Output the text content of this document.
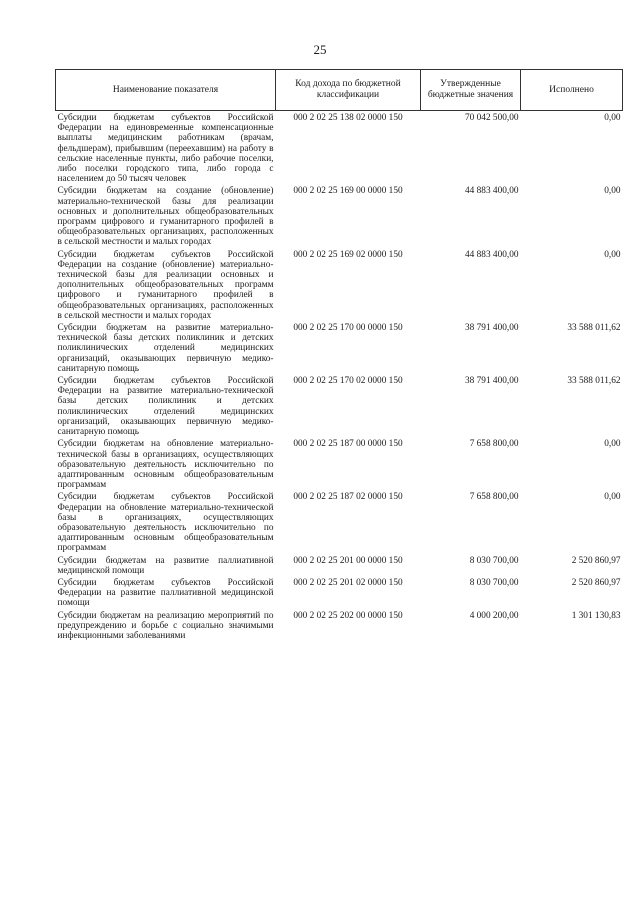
25
Наименование показателя	Код дохода по бюджетной классификации	Утвержденные бюджетные значения	Исполнено
Субсидии бюджетам субъектов Российской Федерации на единовременные компенсационные выплаты медицинским работникам (врачам, фельдшерам), прибывшим (переехавшим) на работу в сельские населенные пункты, либо рабочие поселки, либо поселки городского типа, либо города с населением до 50 тысяч человек	000 2 02 25 138 02 0000 150	70 042 500,00	0,00
Субсидии бюджетам на создание (обновление) материально-технической базы для реализации основных и дополнительных общеобразовательных программ цифрового и гуманитарного профилей в общеобразовательных организациях, расположенных в сельской местности и малых городах	000 2 02 25 169 00 0000 150	44 883 400,00	0,00
Субсидии бюджетам субъектов Российской Федерации на создание (обновление) материально-технической базы для реализации основных и дополнительных общеобразовательных программ цифрового и гуманитарного профилей в общеобразовательных организациях, расположенных в сельской местности и малых городах	000 2 02 25 169 02 0000 150	44 883 400,00	0,00
Субсидии бюджетам на развитие материально-технической базы детских поликлиник и детских поликлинических отделений медицинских организаций, оказывающих первичную медико-санитарную помощь	000 2 02 25 170 00 0000 150	38 791 400,00	33 588 011,62
Субсидии бюджетам субъектов Российской Федерации на развитие материально-технической базы детских поликлиник и детских поликлинических отделений медицинских организаций, оказывающих первичную медико-санитарную помощь	000 2 02 25 170 02 0000 150	38 791 400,00	33 588 011,62
Субсидии бюджетам на обновление материально-технической базы в организациях, осуществляющих образовательную деятельность исключительно по адаптированным основным общеобразовательным программам	000 2 02 25 187 00 0000 150	7 658 800,00	0,00
Субсидии бюджетам субъектов Российской Федерации на обновление материально-технической базы в организациях, осуществляющих образовательную деятельность исключительно по адаптированным основным общеобразовательным программам	000 2 02 25 187 02 0000 150	7 658 800,00	0,00
Субсидии бюджетам на развитие паллиативной медицинской помощи	000 2 02 25 201 00 0000 150	8 030 700,00	2 520 860,97
Субсидии бюджетам субъектов Российской Федерации на развитие паллиативной медицинской помощи	000 2 02 25 201 02 0000 150	8 030 700,00	2 520 860,97
Субсидии бюджетам на реализацию мероприятий по предупреждению и борьбе с социально значимыми инфекционными заболеваниями	000 2 02 25 202 00 0000 150	4 000 200,00	1 301 130,83
